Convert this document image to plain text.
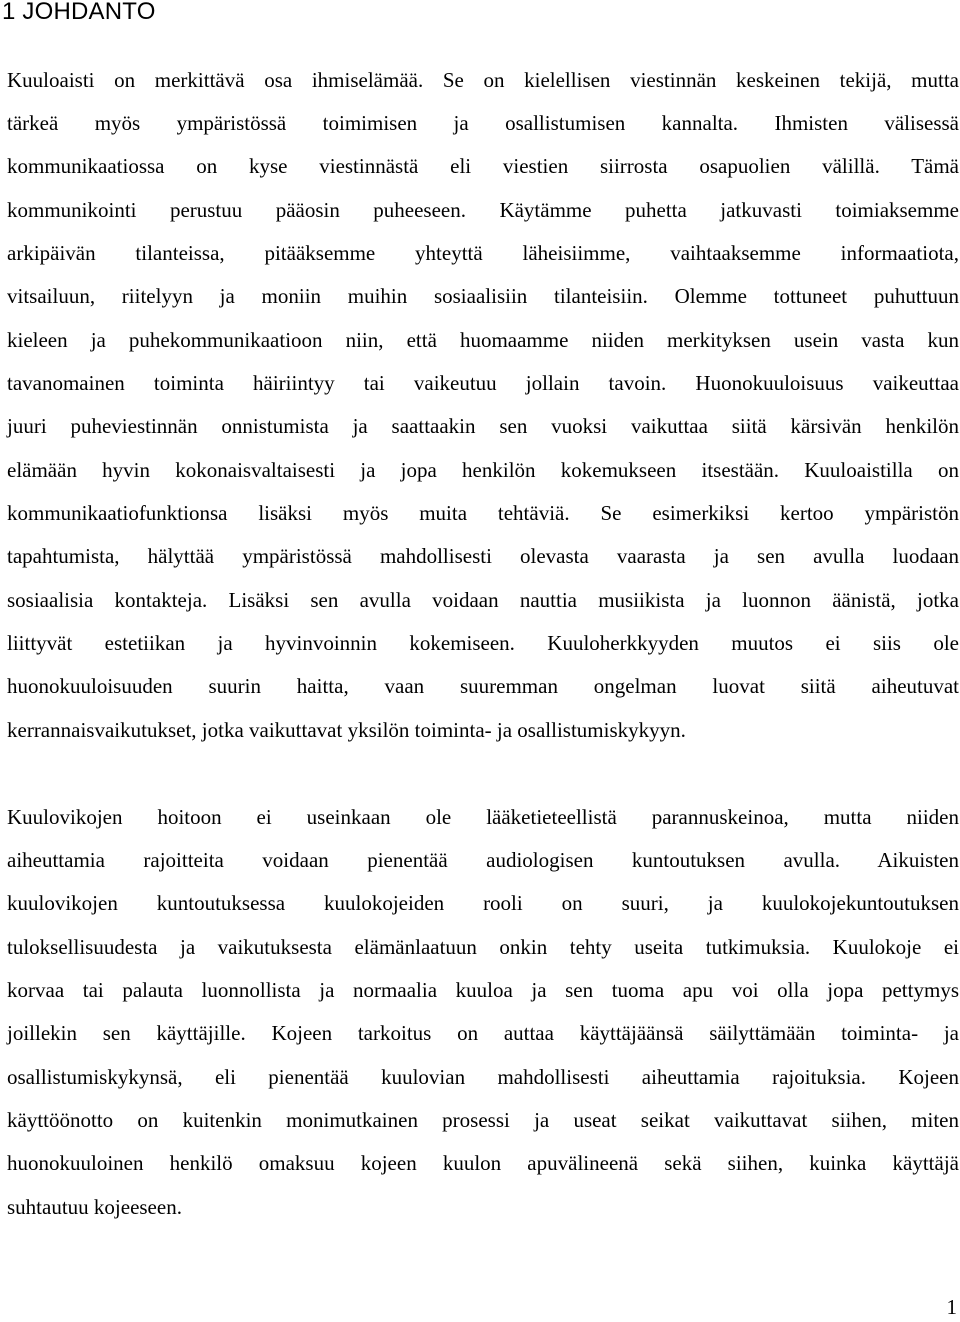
1 JOHDANTO

Kuuloaisti on merkittävä osa ihmiselämää. Se on kielellisen viestinnän keskeinen tekijä, mutta

tärkeä myös ympäristössä toimimisen ja osallistumisen kannalta. Ihmisten välisessä

kommunikaatiossa on kyse viestinnästä eli viestien siirrosta osapuolien välillä. Tämä

kommunikointi perustuu pääosin puheeseen. Käytämme puhetta jatkuvasti toimiaksemme

arkipäivän tilanteissa, pitääksemme yhteyttä läheisiimme, vaihtaaksemme informaatiota,

vitsailuun, riitelyyn ja moniin muihin sosiaalisiin tilanteisiin. Olemme tottuneet puhuttuun

kieleen ja puhekommunikaatioon niin, että huomaamme niiden merkityksen usein vasta kun

tavanomainen toiminta häiriintyy tai vaikeutuu jollain tavoin. Huonokuuloisuus vaikeuttaa

juuri puheviestinnän onnistumista ja saattaakin sen vuoksi vaikuttaa siitä kärsivän henkilön

elämään hyvin kokonaisvaltaisesti ja jopa henkilön kokemukseen itsestään. Kuuloaistilla on

kommunikaatiofunktionsa lisäksi myös muita tehtäviä. Se esimerkiksi kertoo ympäristön

tapahtumista, hälyttää ympäristössä mahdollisesti olevasta vaarasta ja sen avulla luodaan

sosiaalisia kontakteja. Lisäksi sen avulla voidaan nauttia musiikista ja luonnon äänistä, jotka

liittyvät estetiikan ja hyvinvoinnin kokemiseen. Kuuloherkkyyden muutos ei siis ole

huonokuuloisuuden suurin haitta, vaan suuremman ongelman luovat siitä aiheutuvat

kerrannaisvaikutukset, jotka vaikuttavat yksilön toiminta- ja osallistumiskykyyn.

Kuulovikojen hoitoon ei useinkaan ole lääketieteellistä parannuskeinoa, mutta niiden

aiheuttamia rajoitteita voidaan pienentää audiologisen kuntoutuksen avulla. Aikuisten

kuulovikojen kuntoutuksessa kuulokojeiden rooli on suuri, ja kuulokojekuntoutuksen

tuloksellisuudesta ja vaikutuksesta elämänlaatuun onkin tehty useita tutkimuksia. Kuulokoje ei

korvaa tai palauta luonnollista ja normaalia kuuloa ja sen tuoma apu voi olla jopa pettymys

joillekin sen käyttäjille. Kojeen tarkoitus on auttaa käyttäjäänsä säilyttämään toiminta- ja

osallistumiskykynsä, eli pienentää kuulovian mahdollisesti aiheuttamia rajoituksia. Kojeen

käyttöönotto on kuitenkin monimutkainen prosessi ja useat seikat vaikuttavat siihen, miten

huonokuuloinen henkilö omaksuu kojeen kuulon apuvälineenä sekä siihen, kuinka käyttäjä

suhtautuu kojeeseen.

1
